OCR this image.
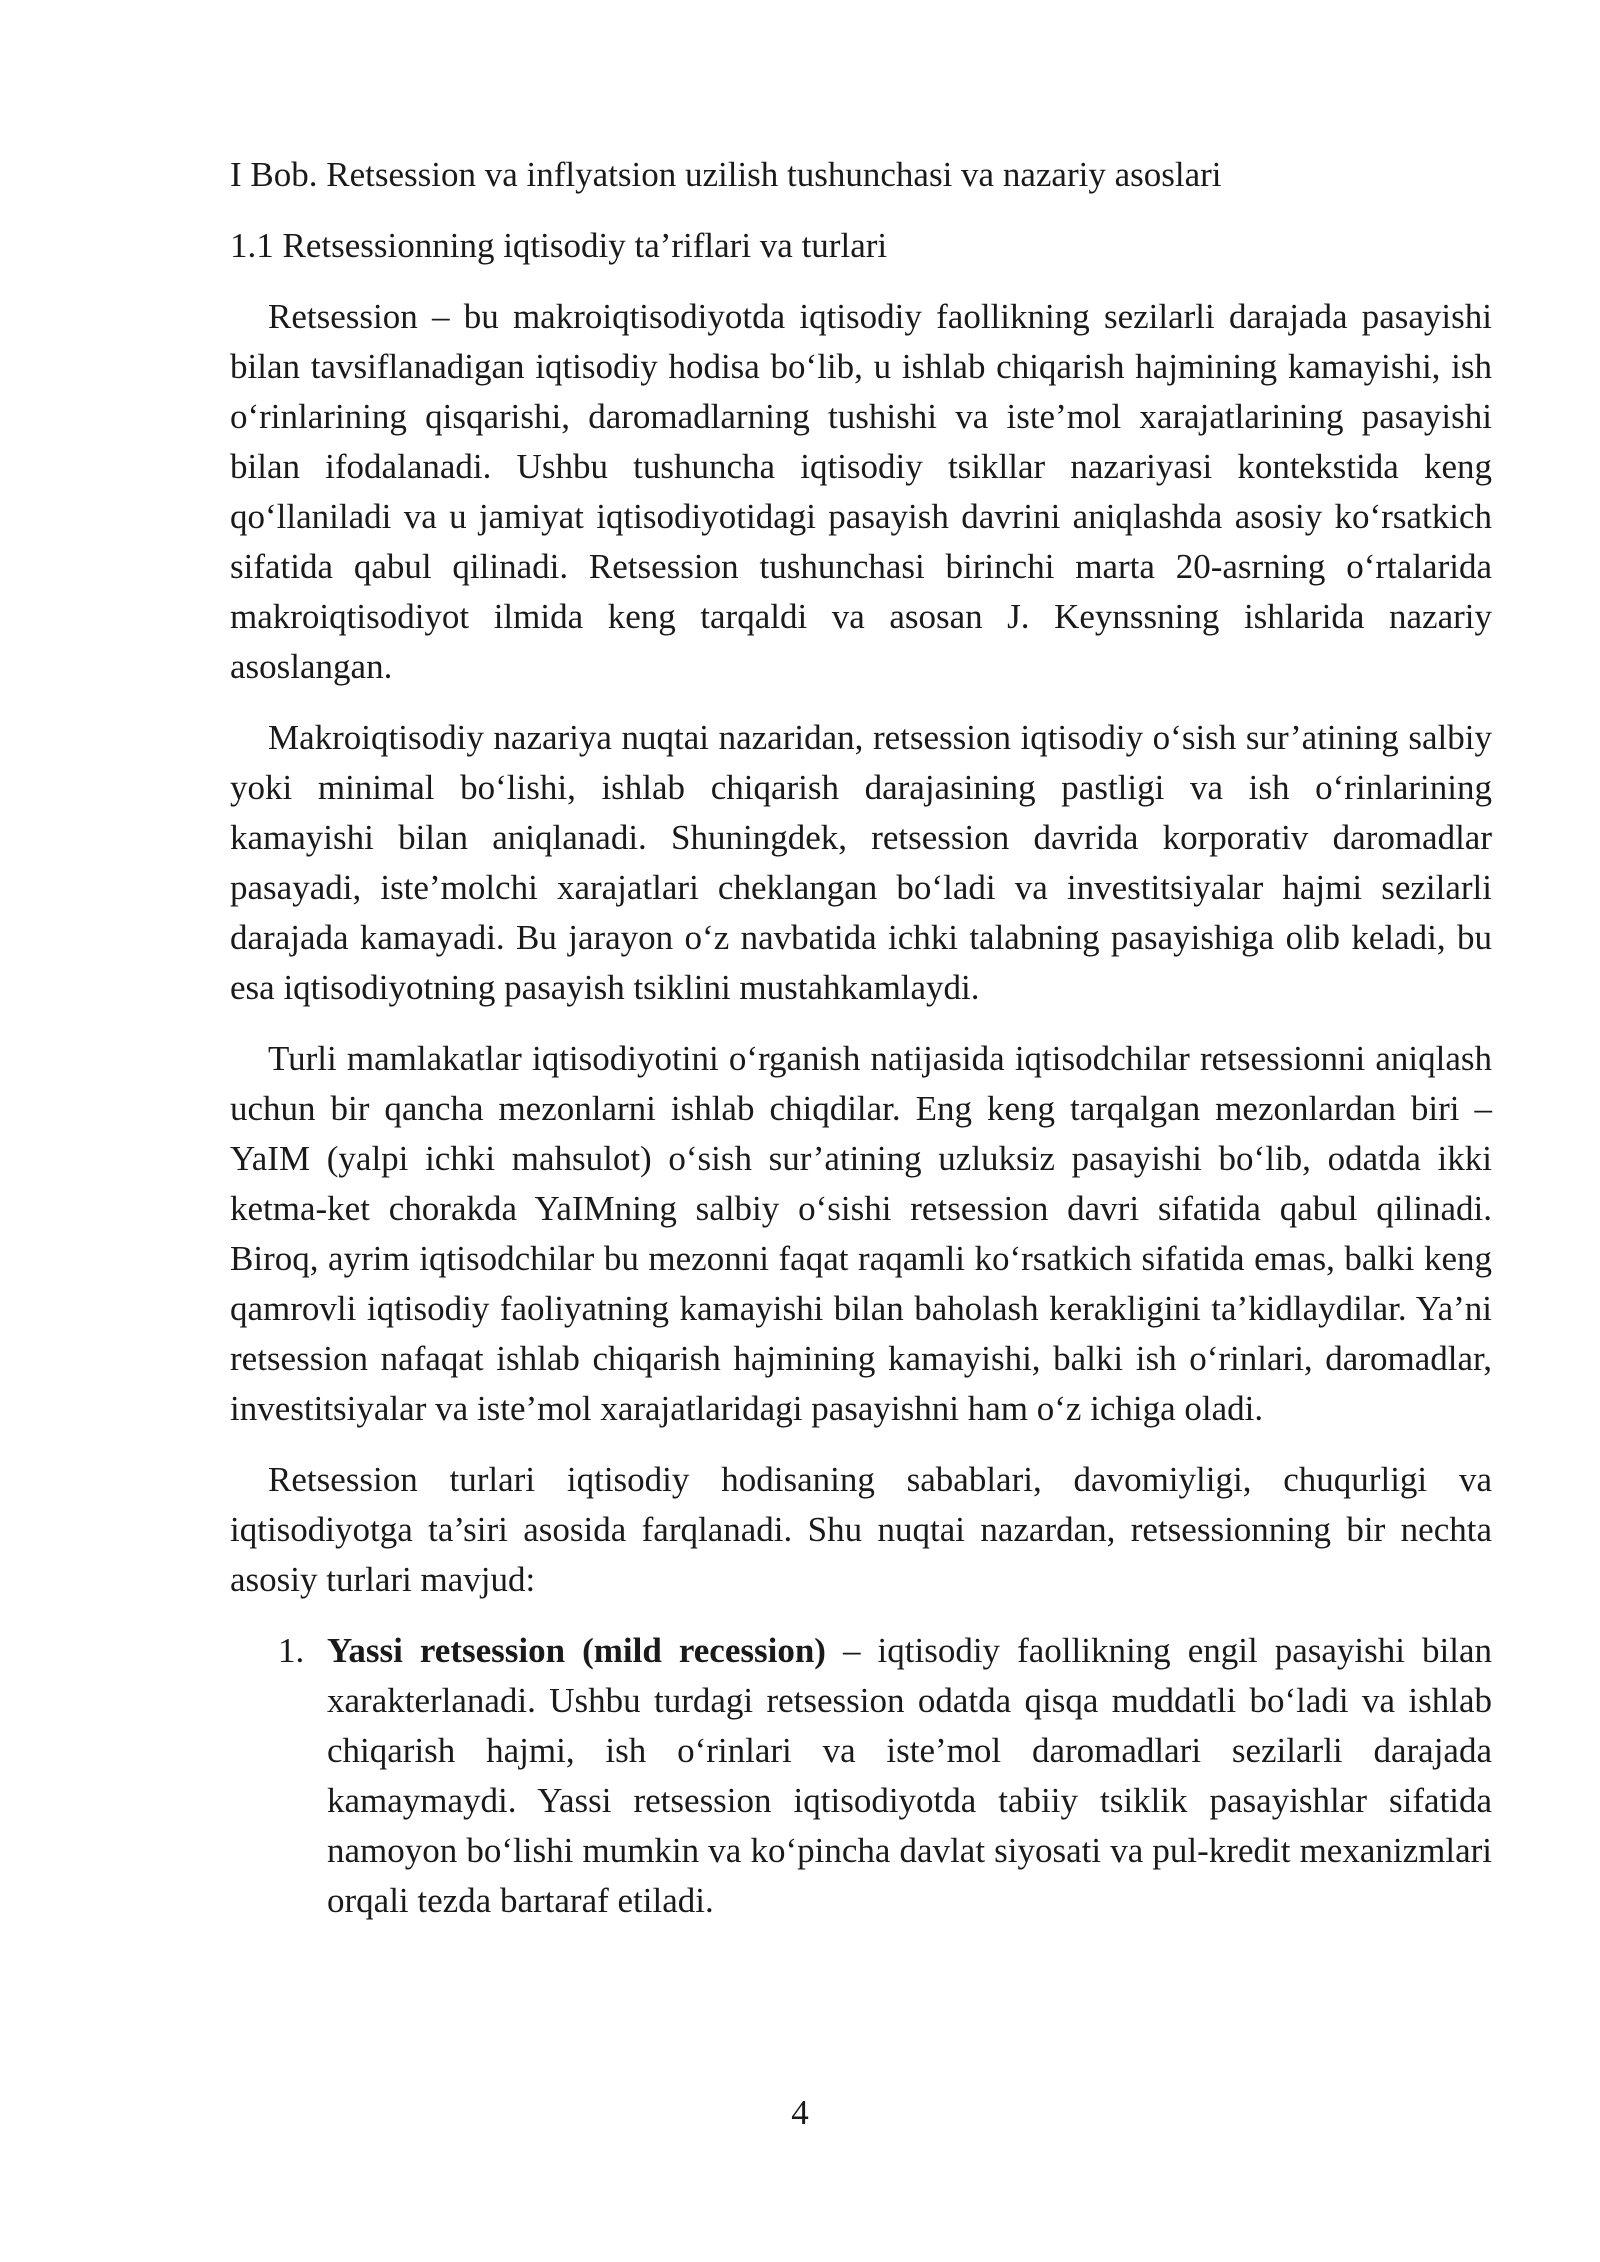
I Bob. Retsession va inflyatsion uzilish tushunchasi va nazariy asoslari
1.1 Retsessionning iqtisodiy ta’riflari va turlari

Retsession – bu makroiqtisodiyotda iqtisodiy faollikning sezilarli darajada pasayishi bilan tavsiflanadigan iqtisodiy hodisa bo‘lib, u ishlab chiqarish hajmining kamayishi, ish o‘rinlarining qisqarishi, daromadlarning tushishi va iste’mol xarajatlarining pasayishi bilan ifodalanadi. Ushbu tushuncha iqtisodiy tsikllar nazariyasi kontekstida keng qo‘llaniladi va u jamiyat iqtisodiyotidagi pasayish davrini aniqlashda asosiy ko‘rsatkich sifatida qabul qilinadi. Retsession tushunchasi birinchi marta 20-asrning o‘rtalarida makroiqtisodiyot ilmida keng tarqaldi va asosan J. Keynssning ishlarida nazariy asoslangan.

Makroiqtisodiy nazariya nuqtai nazaridan, retsession iqtisodiy o‘sish sur’atining salbiy yoki minimal bo‘lishi, ishlab chiqarish darajasining pastligi va ish o‘rinlarining kamayishi bilan aniqlanadi. Shuningdek, retsession davrida korporativ daromadlar pasayadi, iste’molchi xarajatlari cheklangan bo‘ladi va investitsiyalar hajmi sezilarli darajada kamayadi. Bu jarayon o‘z navbatida ichki talabning pasayishiga olib keladi, bu esa iqtisodiyotning pasayish tsiklini mustahkamlaydi.

Turli mamlakatlar iqtisodiyotini o‘rganish natijasida iqtisodchilar retsessionni aniqlash uchun bir qancha mezonlarni ishlab chiqdilar. Eng keng tarqalgan mezonlardan biri – YaIM (yalpi ichki mahsulot) o‘sish sur’atining uzluksiz pasayishi bo‘lib, odatda ikki ketma-ket chorakda YaIMning salbiy o‘sishi retsession davri sifatida qabul qilinadi. Biroq, ayrim iqtisodchilar bu mezonni faqat raqamli ko‘rsatkich sifatida emas, balki keng qamrovli iqtisodiy faoliyatning kamayishi bilan baholash kerakligini ta’kidlaydilar. Ya’ni retsession nafaqat ishlab chiqarish hajmining kamayishi, balki ish o‘rinlari, daromadlar, investitsiyalar va iste’mol xarajatlaridagi pasayishni ham o‘z ichiga oladi.

Retsession turlari iqtisodiy hodisaning sabablari, davomiyligi, chuqurligi va iqtisodiyotga ta’siri asosida farqlanadi. Shu nuqtai nazardan, retsessionning bir nechta asosiy turlari mavjud:

1. Yassi retsession (mild recession) – iqtisodiy faollikning engil pasayishi bilan xarakterlanadi. Ushbu turdagi retsession odatda qisqa muddatli bo‘ladi va ishlab chiqarish hajmi, ish o‘rinlari va iste’mol daromadlari sezilarli darajada kamaymaydi. Yassi retsession iqtisodiyotda tabiiy tsiklik pasayishlar sifatida namoyon bo‘lishi mumkin va ko‘pincha davlat siyosati va pul-kredit mexanizmlari orqali tezda bartaraf etiladi.
4
